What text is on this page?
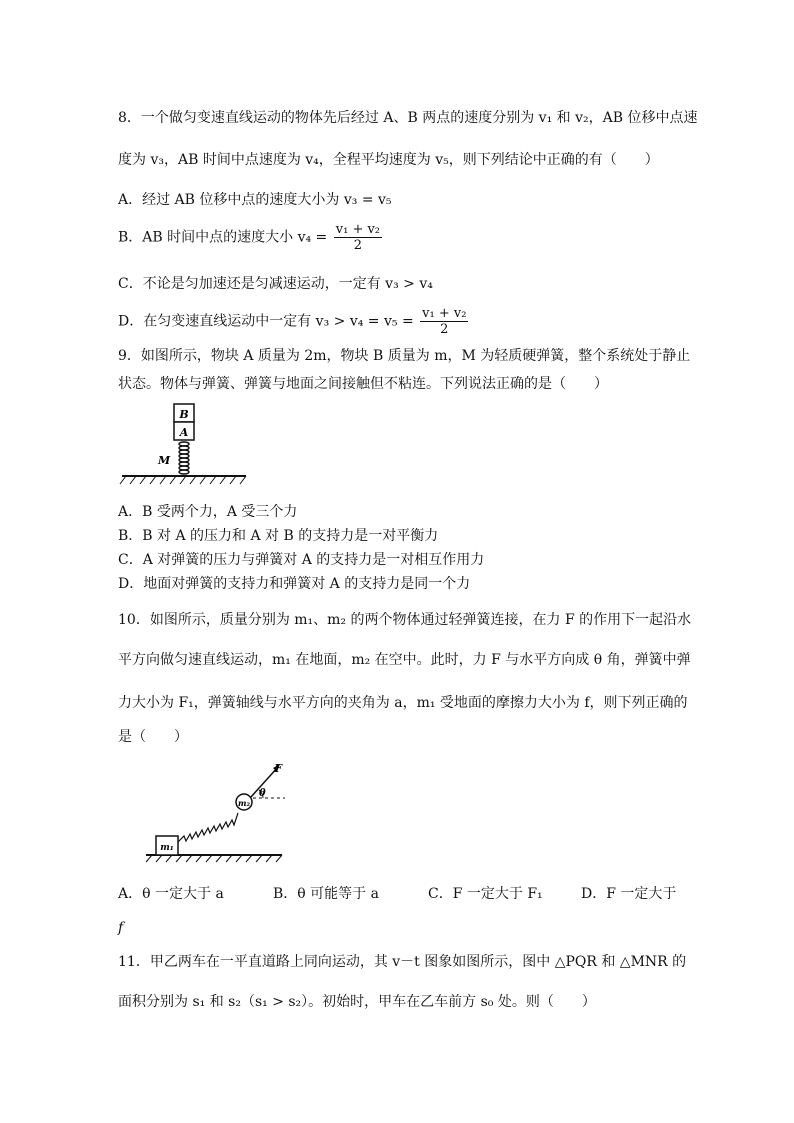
8．一个做匀变速直线运动的物体先后经过 A、B 两点的速度分别为 v₁ 和 v₂，AB 位移中点速
度为 v₃，AB 时间中点速度为 v₄，全程平均速度为 v₅，则下列结论中正确的有（　　）
A．经过 AB 位移中点的速度大小为 v₃ = v₅
B．AB 时间中点的速度大小 $v_4 = \frac{\text{v₁ + v₂}}{2}$
C．不论是匀加速还是匀减速运动，一定有 v₃ > v₄
D．在匀变速直线运动中一定有 $v_3 > v_4 = v_5 = \frac{\text{v₁ + v₂}}{2}$
9．如图所示，物块 A 质量为 2m，物块 B 质量为 m，M 为轻质硬弹簧，整个系统处于静止
状态。物体与弹簧、弹簧与地面之间接触但不粘连。下列说法正确的是（　　）
B
A
M
A．B 受两个力，A 受三个力
B．B 对 A 的压力和 A 对 B 的支持力是一对平衡力
C．A 对弹簧的压力与弹簧对 A 的支持力是一对相互作用力
D．地面对弹簧的支持力和弹簧对 A 的支持力是同一个力
10．如图所示，质量分别为 m₁、m₂ 的两个物体通过轻弹簧连接，在力 F 的作用下一起沿水
平方向做匀速直线运动，m₁ 在地面，m₂ 在空中。此时，力 F 与水平方向成 θ 角，弹簧中弹
力大小为 F₁，弹簧轴线与水平方向的夹角为 a，m₁ 受地面的摩擦力大小为 f，则下列正确的
是（　　）
m₁
m₂
F
θ
A．θ 一定大于 a	B．θ 可能等于 a	C．F 一定大于 F₁	D．F 一定大于
f
11．甲乙两车在一平直道路上同向运动，其 v－t 图象如图所示，图中 △PQR 和 △MNR 的
面积分别为 s₁ 和 s₂（s₁ > s₂）。初始时，甲车在乙车前方 s₀ 处。则（　　）
